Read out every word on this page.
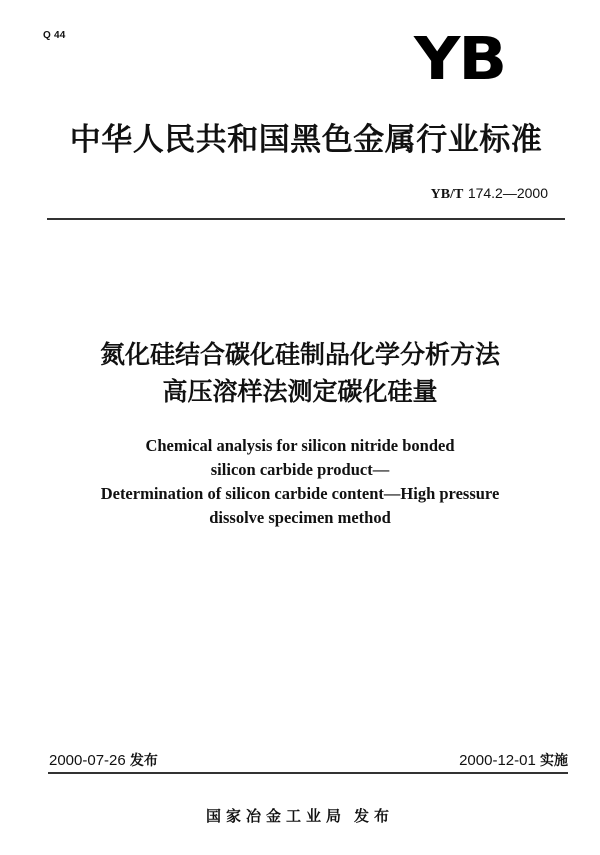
Q 44	YB
中华人民共和国黑色金属行业标准
YB/T 174.2—2000
氮化硅结合碳化硅制品化学分析方法
高压溶样法测定碳化硅量
Chemical analysis for silicon nitride bonded
silicon carbide product—
Determination of silicon carbide content—High pressure
dissolve specimen method
2000-07-26 发布	2000-12-01 实施
国家冶金工业局 发布
